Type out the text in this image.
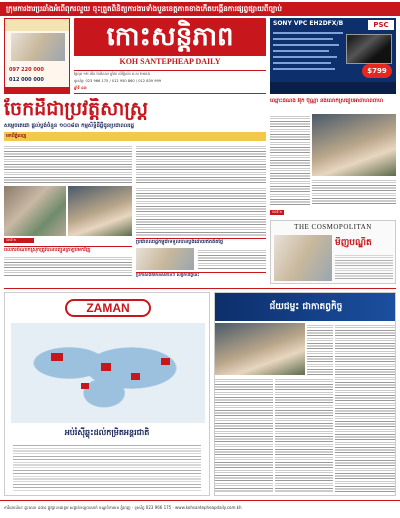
ក្រុមការងារប្រឆាំងអំពើពុករលួយ ចុះត្រួតពិនិត្យការងារទាំងបួនខេត្តភាគខាងកើតបង្កើនការផ្សព្វផ្សាយពីច្បាប់
097 220 000
012 000 000
កោះសន្តិភាព
KOH SANTEPHEAP DAILY
ថ្ងៃពុធ ១២ កើត ខែពិសាខ ឆ្នាំវក សំរឹទ្ធិស័ក ព.ស ២៥៥៦
ទូរស័ព្ទ: 023 966 175 / 012 950 860 / 012 839 999
ឆ្នាំទី ៤៣
SONY VPC EH2DFX/B	PSC
$799
ចែកដីជាប្រវត្តិសាស្ត្រ
សម្ដេចតេជោ ផ្ដល់ប្លង់ចំនួន ១០០៨៣ កម្មសិទ្ធិដីធ្លីជូនប្រជាពលរដ្ឋ
មកពីភ្នំពេញ
ទំព័រទី ២	ប្រជាពលរដ្ឋកម្ពុជាទទួលបានប្លង់ដោយឥតគិតថ្លៃ
ពលករចំណាកស្រុកត្រូវបានបញ្ជូនត្រឡប់មកវិញ
ប្រកាសព័ត៌មានសំខាន់ៗ សម្រាប់ថ្ងៃនេះ
ឈ្មោះដំណឹង អ៊ុក ប៊ុណ្ណា នឹងលោកស្រីរៀបអាពាហ៍ពិពាហ៍
ទំព័រទី ២
THE COSMOPOLITAN
មិញបណ្ឌិត
ZAMAN
អប់រំស៊ីឆ្លុះដល់កម្រិតអន្តរជាតិ
ជ័យជម្នះ ជាកាតព្វកិច្ច
ការិយាល័យ: ផ្ទះលេខ ៤៧៤ ផ្លូវព្រះនរោត្តម សង្កាត់ទន្លេបាសាក់ ខណ្ឌចំការមន ភ្នំពេញ · ទូរស័ព្ទ 023 966 175 · www.kohsantepheapdaily.com.kh
